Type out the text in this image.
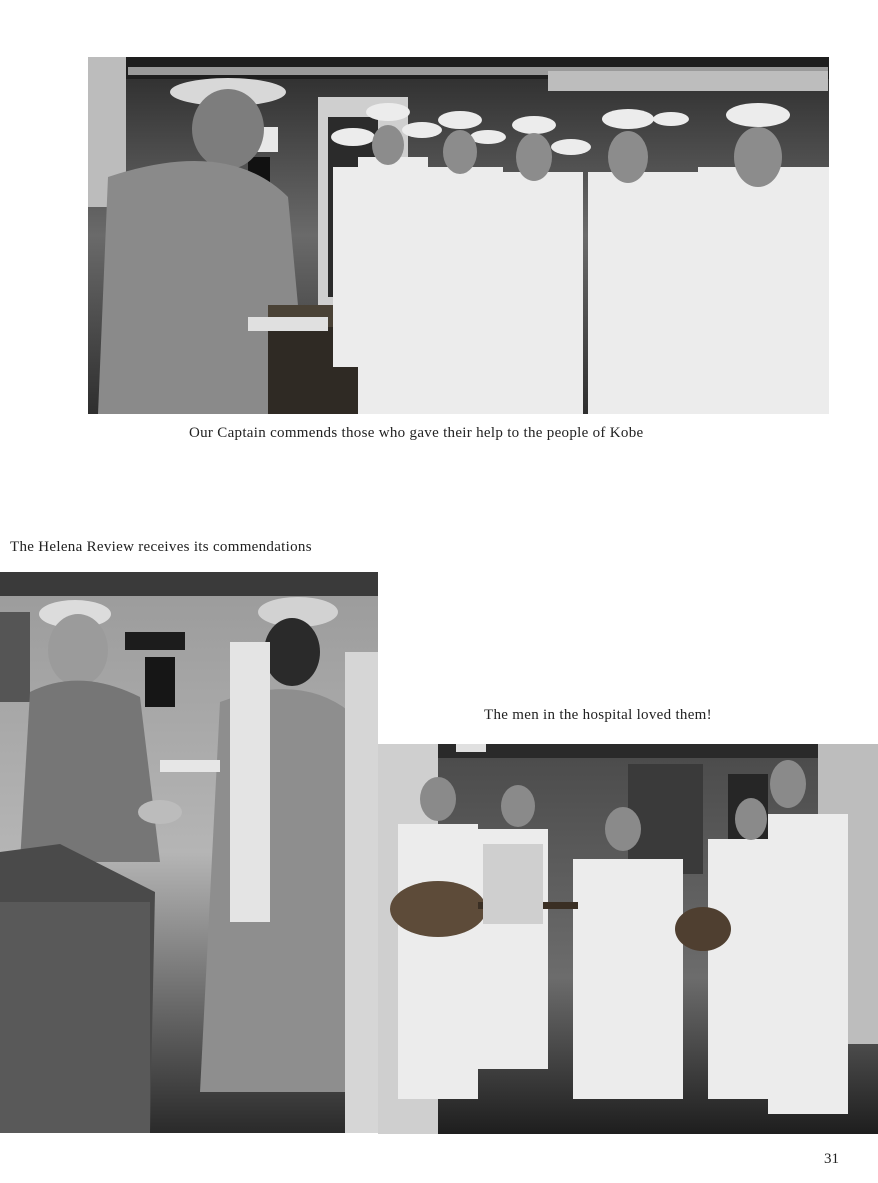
Our Captain commends those who gave their help to the people of Kobe
The Helena Review receives its commendations
The men in the hospital loved them!
31
